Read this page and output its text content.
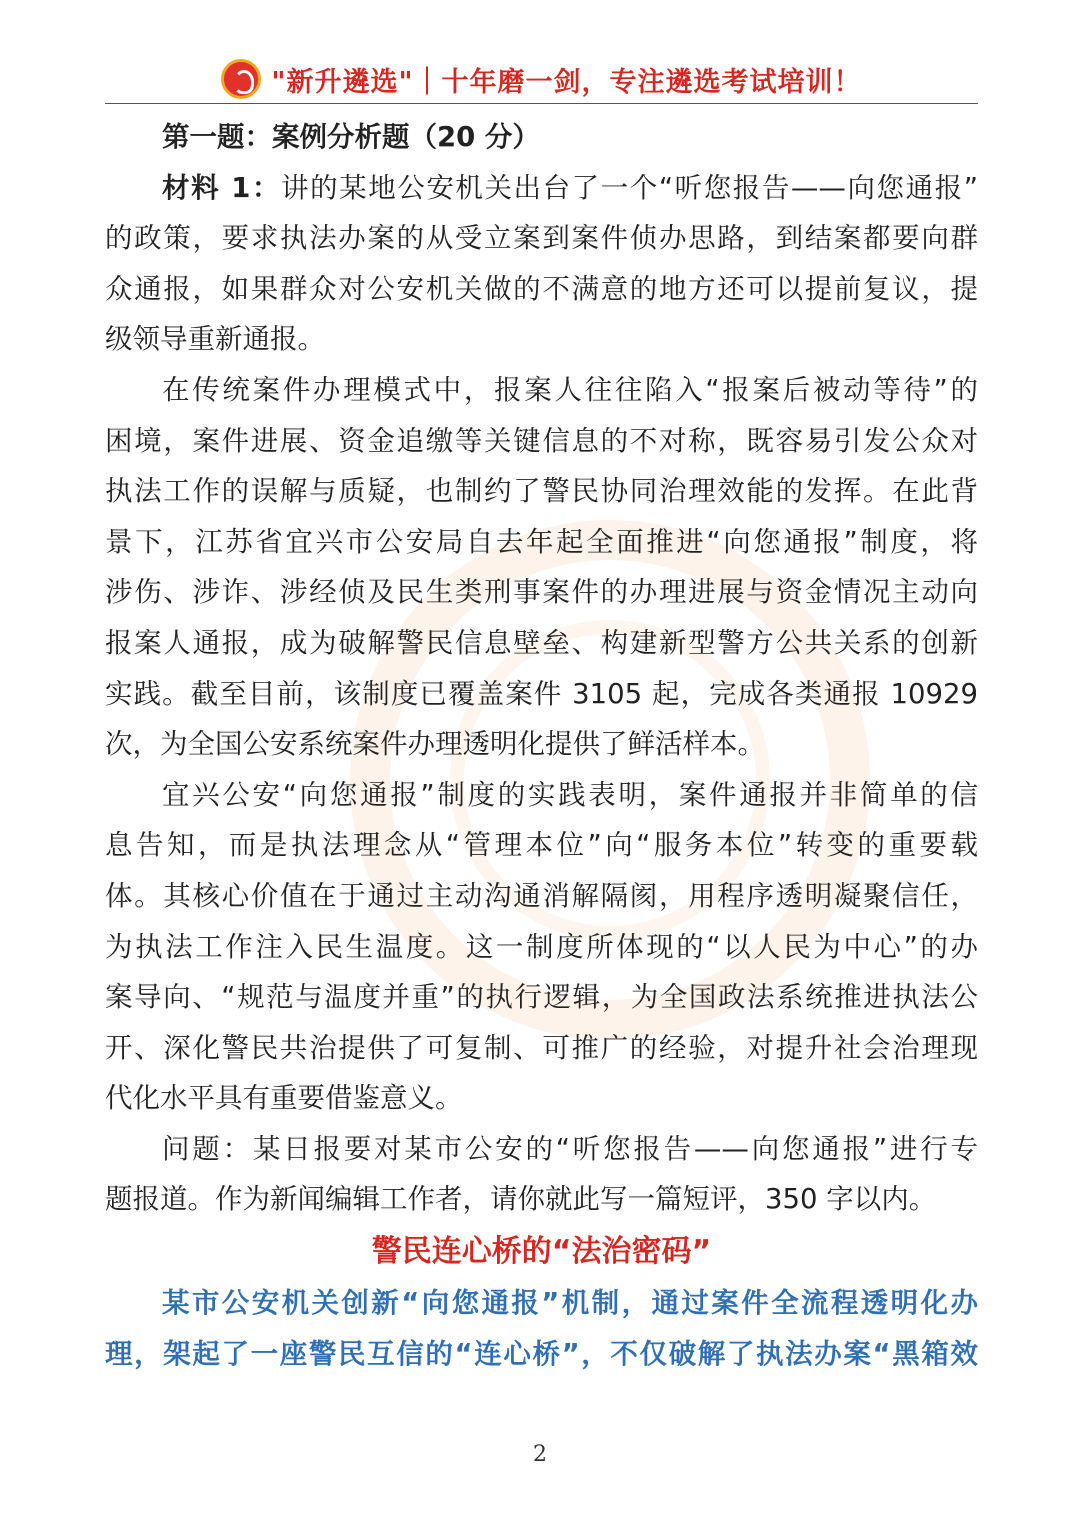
"新升遴选"｜十年磨一剑，专注遴选考试培训！
第一题：案例分析题（20 分）
材料 1：讲的某地公安机关出台了一个“听您报告——向您通报”
的政策，要求执法办案的从受立案到案件侦办思路，到结案都要向群
众通报，如果群众对公安机关做的不满意的地方还可以提前复议，提
级领导重新通报。
在传统案件办理模式中，报案人往往陷入“报案后被动等待”的
困境，案件进展、资金追缴等关键信息的不对称，既容易引发公众对
执法工作的误解与质疑，也制约了警民协同治理效能的发挥。在此背
景下，江苏省宜兴市公安局自去年起全面推进“向您通报”制度，将
涉伤、涉诈、涉经侦及民生类刑事案件的办理进展与资金情况主动向
报案人通报，成为破解警民信息壁垒、构建新型警方公共关系的创新
实践。截至目前，该制度已覆盖案件 3105 起，完成各类通报 10929
次，为全国公安系统案件办理透明化提供了鲜活样本。
宜兴公安“向您通报”制度的实践表明，案件通报并非简单的信
息告知，而是执法理念从“管理本位”向“服务本位”转变的重要载
体。其核心价值在于通过主动沟通消解隔阂，用程序透明凝聚信任，
为执法工作注入民生温度。这一制度所体现的“以人民为中心”的办
案导向、“规范与温度并重”的执行逻辑，为全国政法系统推进执法公
开、深化警民共治提供了可复制、可推广的经验，对提升社会治理现
代化水平具有重要借鉴意义。
问题：某日报要对某市公安的“听您报告——向您通报”进行专
题报道。作为新闻编辑工作者，请你就此写一篇短评，350 字以内。
警民连心桥的“法治密码”
某市公安机关创新“向您通报”机制，通过案件全流程透明化办
理，架起了一座警民互信的“连心桥”，不仅破解了执法办案“黑箱效
2
